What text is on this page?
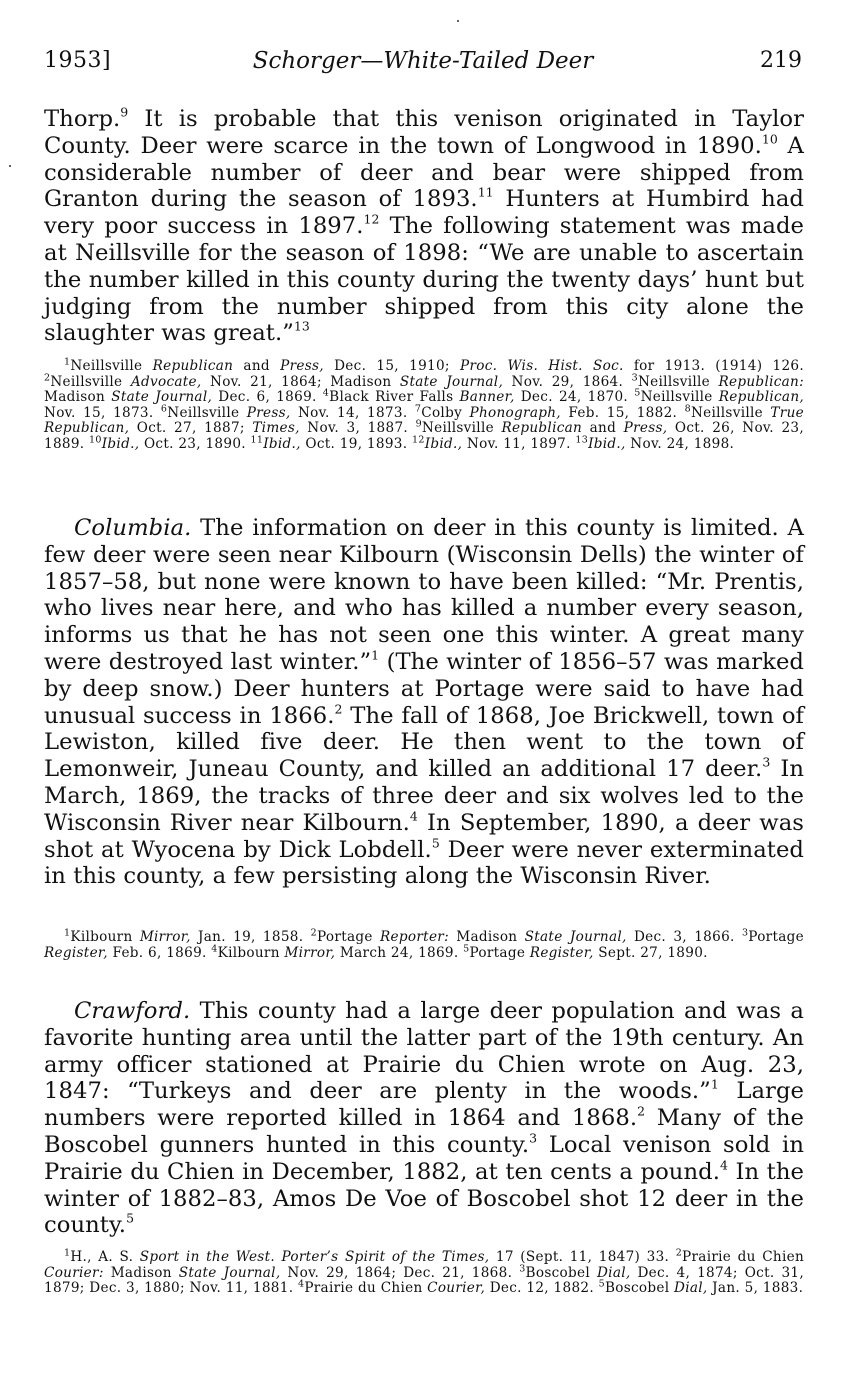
1953]	Schorger—White-Tailed Deer	219

Thorp.$^9$ It is probable that this venison originated in Taylor County. Deer were scarce in the town of Longwood in 1890.10 A considerable number of deer and bear were shipped from Granton during the season of 1893.11 Hunters at Humbird had very poor success in 1897.12 The following statement was made at Neillsville for the season of 1898: “We are unable to ascertain the number killed in this county during the twenty days’ hunt but judging from the number shipped from this city alone the slaughter was great.”$^{13}$

$^1$Neillsville Republican and Press, Dec. 15, 1910; Proc. Wis. Hist. Soc. for 1913. (1914) 126. $^2$Neillsville Advocate, Nov. 21, 1864; Madison State Journal, Nov. 29, 1864. $^3$Neillsville Republican: Madison State Journal, Dec. 6, 1869. $^4$Black River Falls Banner, Dec. 24, 1870. $^5$Neillsville Republican, Nov. 15, 1873. $^6$Neillsville Press, Nov. 14, 1873. $^7$Colby Phonograph, Feb. 15, 1882. $^8$Neillsville True Republican, Oct. 27, 1887; Times, Nov. 3, 1887. $^9$Neillsville Republican and Press, Oct. 26, Nov. 23, 1889. $^{10}$Ibid., Oct. 23, 1890. $^{11}$Ibid., Oct. 19, 1893. $^{12}$Ibid., Nov. 11, 1897. $^{13}$Ibid., Nov. 24, 1898.

Columbia. The information on deer in this county is limited. A few deer were seen near Kilbourn (Wisconsin Dells) the winter of 1857–58, but none were known to have been killed: “Mr. Prentis, who lives near here, and who has killed a number every season, informs us that he has not seen one this winter. A great many were destroyed last winter.”$^1$ (The winter of 1856–57 was marked by deep snow.) Deer hunters at Portage were said to have had unusual success in 1866.$^2$ The fall of 1868, Joe Brickwell, town of Lewiston, killed five deer. He then went to the town of Lemonweir, Juneau County, and killed an additional 17 deer.$^3$ In March, 1869, the tracks of three deer and six wolves led to the Wisconsin River near Kilbourn.$^4$ In September, 1890, a deer was shot at Wyocena by Dick Lobdell.$^5$ Deer were never exterminated in this county, a few persisting along the Wisconsin River.

$^1$Kilbourn Mirror, Jan. 19, 1858. $^2$Portage Reporter: Madison State Journal, Dec. 3, 1866. $^3$Portage Register, Feb. 6, 1869. $^4$Kilbourn Mirror, March 24, 1869. $^5$Portage Register, Sept. 27, 1890.

Crawford. This county had a large deer population and was a favorite hunting area until the latter part of the 19th century. An army officer stationed at Prairie du Chien wrote on Aug. 23, 1847: “Turkeys and deer are plenty in the woods.”$^1$ Large numbers were reported killed in 1864 and 1868.$^2$ Many of the Boscobel gunners hunted in this county.$^3$ Local venison sold in Prairie du Chien in December, 1882, at ten cents a pound.$^4$ In the winter of 1882–83, Amos De Voe of Boscobel shot 12 deer in the county.$^5$

$^1$H., A. S. Sport in the West. Porter’s Spirit of the Times, 17 (Sept. 11, 1847) 33. $^2$Prairie du Chien Courier: Madison State Journal, Nov. 29, 1864; Dec. 21, 1868. $^3$Boscobel Dial, Dec. 4, 1874; Oct. 31, 1879; Dec. 3, 1880; Nov. 11, 1881. $^4$Prairie du Chien Courier, Dec. 12, 1882. $^5$Boscobel Dial, Jan. 5, 1883.
